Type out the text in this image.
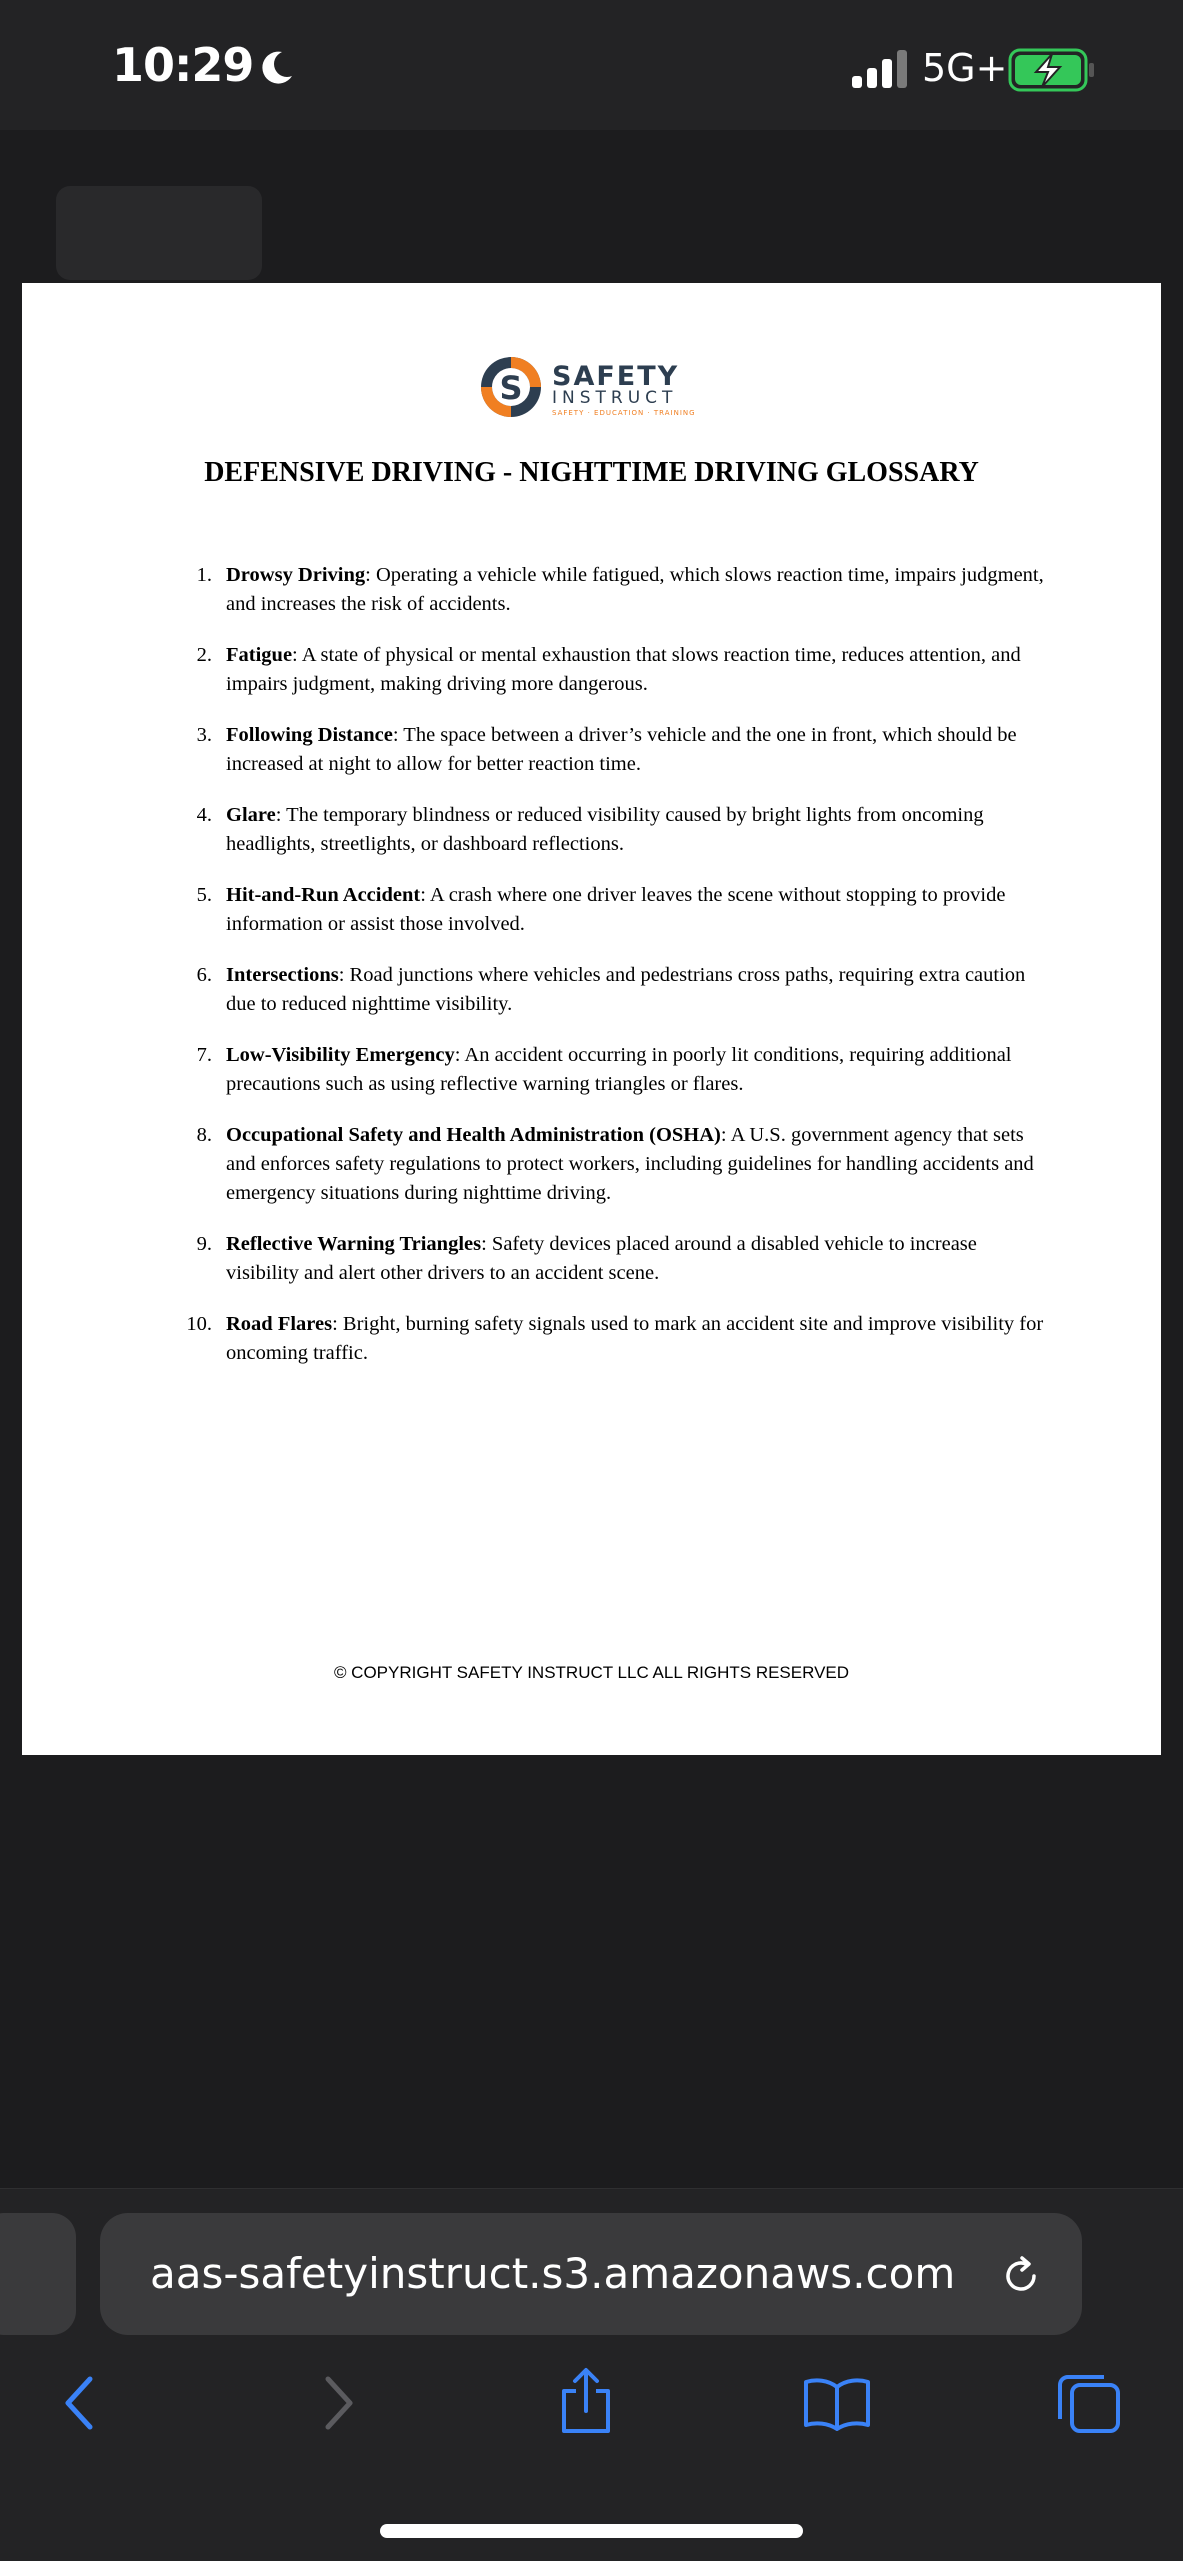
10:29	5G+
S SAFETY
INSTRUCT
SAFETY · EDUCATION · TRAINING
DEFENSIVE DRIVING - NIGHTTIME DRIVING GLOSSARY
1. Drowsy Driving: Operating a vehicle while fatigued, which slows reaction time, impairs judgment, and increases the risk of accidents.
2. Fatigue: A state of physical or mental exhaustion that slows reaction time, reduces attention, and impairs judgment, making driving more dangerous.
3. Following Distance: The space between a driver’s vehicle and the one in front, which should be increased at night to allow for better reaction time.
4. Glare: The temporary blindness or reduced visibility caused by bright lights from oncoming headlights, streetlights, or dashboard reflections.
5. Hit-and-Run Accident: A crash where one driver leaves the scene without stopping to provide information or assist those involved.
6. Intersections: Road junctions where vehicles and pedestrians cross paths, requiring extra caution due to reduced nighttime visibility.
7. Low-Visibility Emergency: An accident occurring in poorly lit conditions, requiring additional precautions such as using reflective warning triangles or flares.
8. Occupational Safety and Health Administration (OSHA): A U.S. government agency that sets and enforces safety regulations to protect workers, including guidelines for handling accidents and emergency situations during nighttime driving.
9. Reflective Warning Triangles: Safety devices placed around a disabled vehicle to increase visibility and alert other drivers to an accident scene.
10. Road Flares: Bright, burning safety signals used to mark an accident site and improve visibility for oncoming traffic.
© COPYRIGHT SAFETY INSTRUCT LLC ALL RIGHTS RESERVED
aas-safetyinstruct.s3.amazonaws.com
